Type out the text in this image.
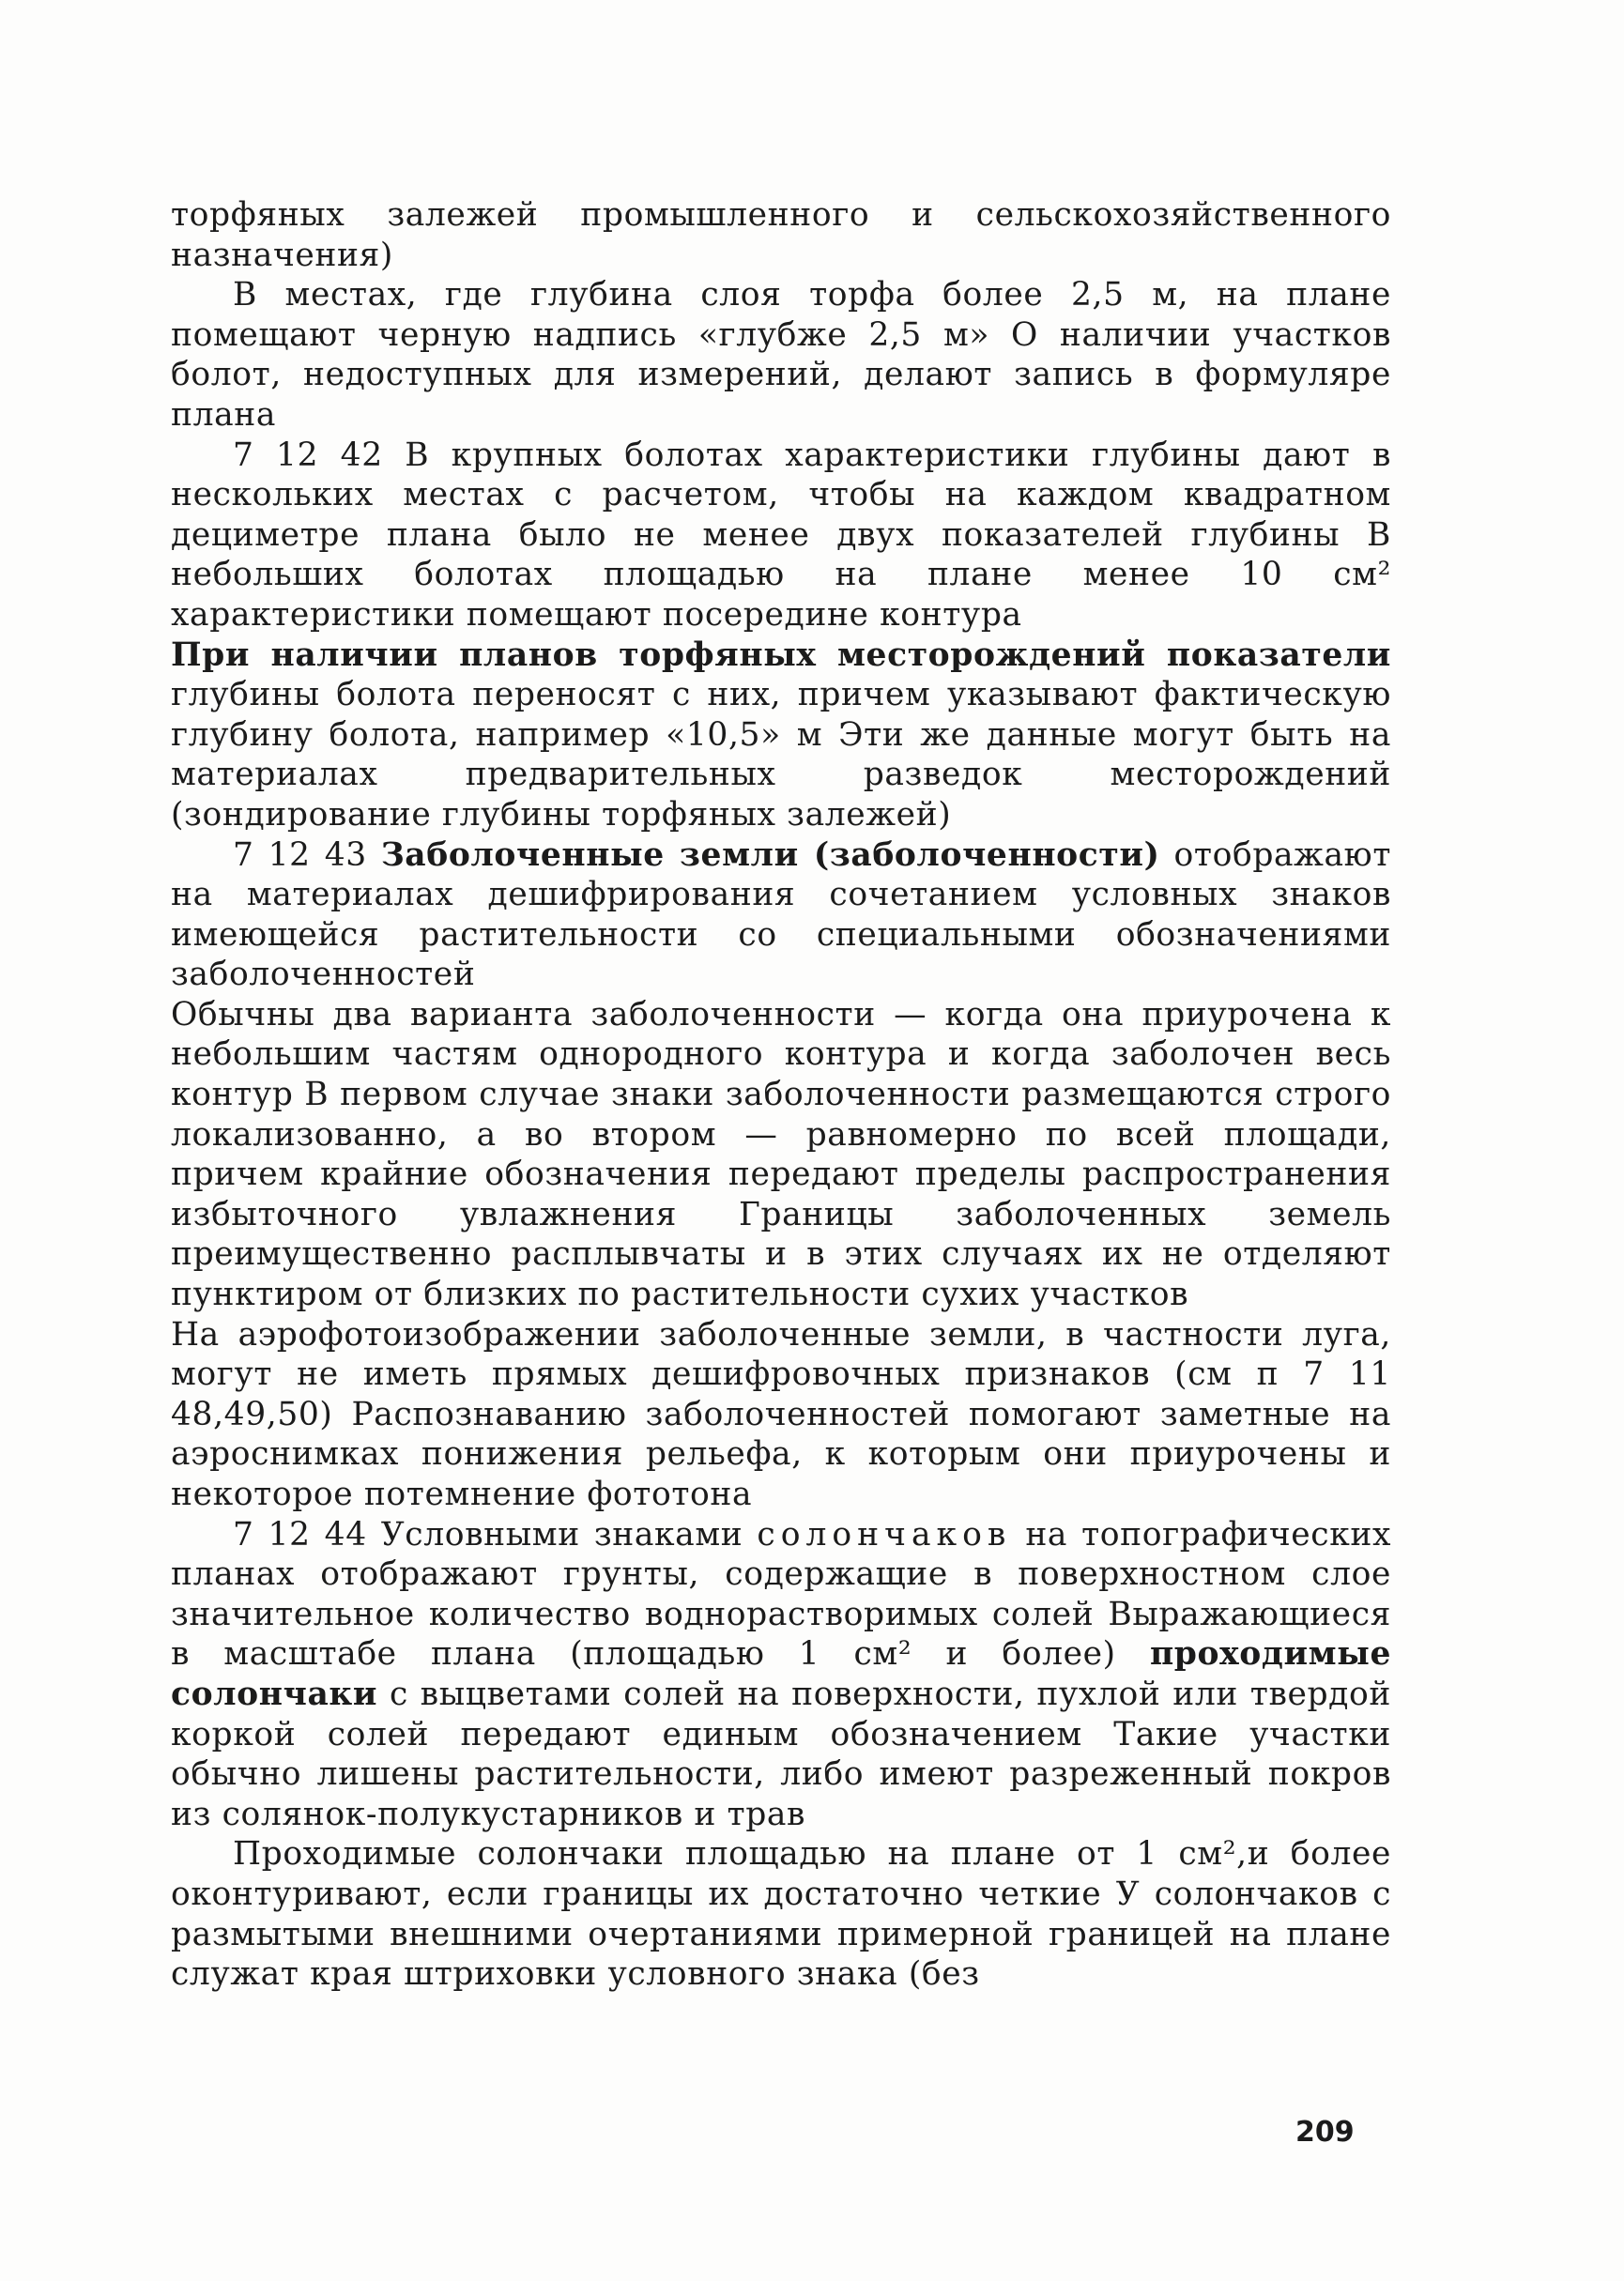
торфяных залежей промышленного и сельскохозяйственного назначения)

В местах, где глубина слоя торфа более 2,5 м, на плане помещают черную надпись «глубже 2,5 м» О наличии участков болот, недоступных для измерений, делают запись в формуляре плана

7 12 42 В крупных болотах характеристики глубины дают в нескольких местах с расчетом, чтобы на каждом квадратном дециметре плана было не менее двух показателей глубины В небольших болотах площадью на плане менее 10 см² характеристики помещают посередине контура

При наличии планов торфяных месторождений показатели глубины болота переносят с них, причем указывают фактическую глубину болота, например «10,5» м Эти же данные могут быть на материалах предварительных разведок месторождений (зондирование глубины торфяных залежей)

7 12 43 Заболоченные земли (заболоченности) отображают на материалах дешифрирования сочетанием условных знаков имеющейся растительности со специальными обозначениями заболоченностей

Обычны два варианта заболоченности — когда она приурочена к небольшим частям однородного контура и когда заболочен весь контур В первом случае знаки заболоченности размещаются строго локализованно, а во втором — равномерно по всей площади, причем крайние обозначения передают пределы распространения избыточного увлажнения Границы заболоченных земель преимущественно расплывчаты и в этих случаях их не отделяют пунктиром от близких по растительности сухих участков

На аэрофотоизображении заболоченные земли, в частности луга, могут не иметь прямых дешифровочных признаков (см п 7 11 48,49,50) Распознаванию заболоченностей помогают заметные на аэроснимках понижения рельефа, к которым они приурочены и некоторое потемнение фототона

7 12 44 Условными знаками солончаков на топографических планах отображают грунты, содержащие в поверхностном слое значительное количество воднорастворимых солей Выражающиеся в масштабе плана (площадью 1 см² и более) проходимые солончаки с выцветами солей на поверхности, пухлой или твердой коркой солей передают единым обозначением Такие участки обычно лишены растительности, либо имеют разреженный покров из солянок-полукустарников и трав

Проходимые солончаки площадью на плане от 1 см²,и более оконтуривают, если границы их достаточно четкие У солончаков с размытыми внешними очертаниями примерной границей на плане служат края штриховки условного знака (без

209
